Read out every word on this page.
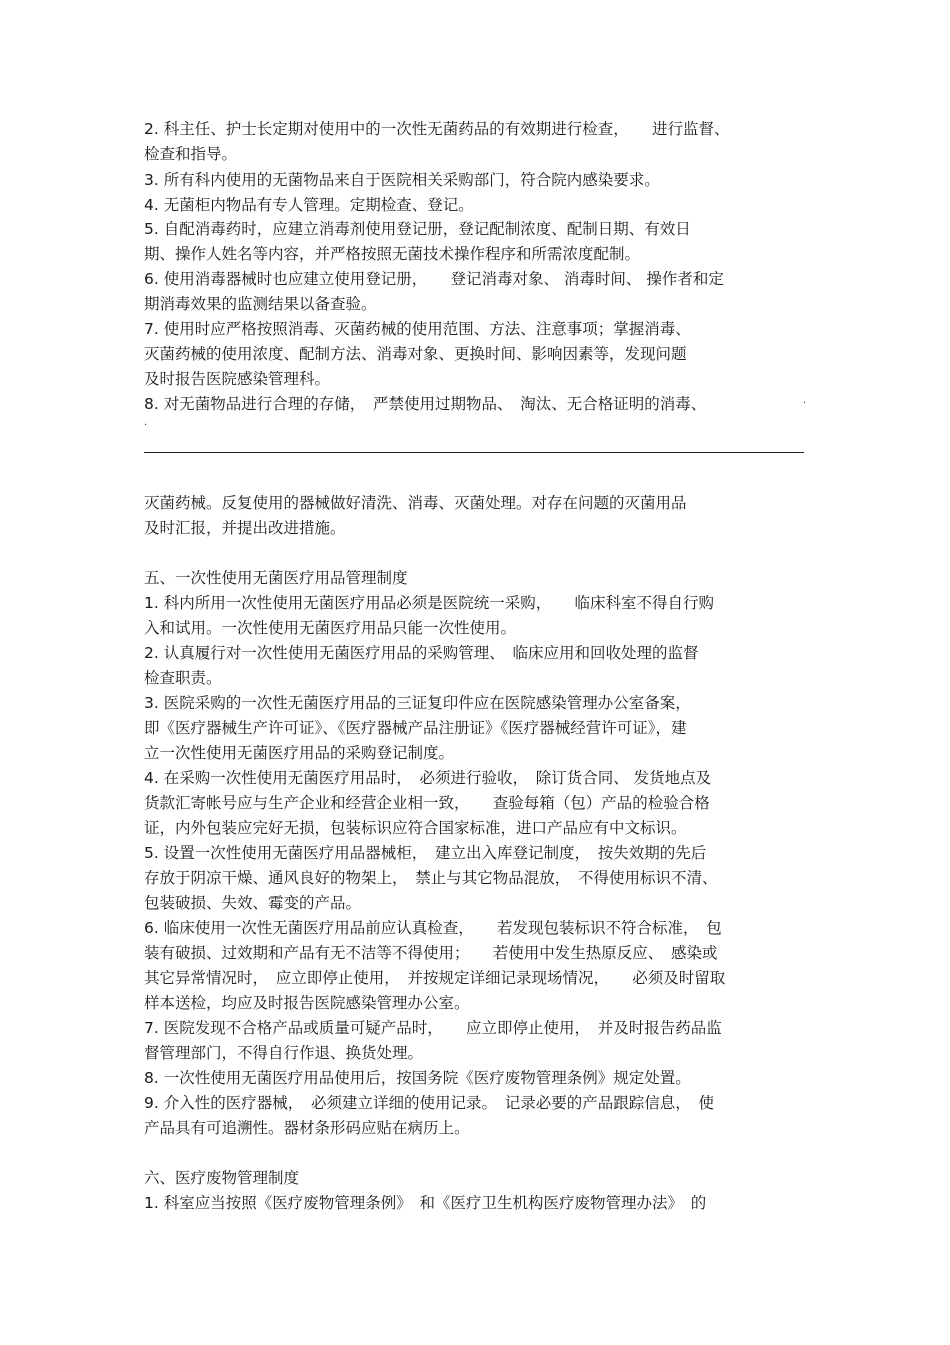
2. 科主任、护士长定期对使用中的一次性无菌药品的有效期进行检查，　　进行监督、
检查和指导。
3. 所有科内使用的无菌物品来自于医院相关采购部门，符合院内感染要求。
4. 无菌柜内物品有专人管理。定期检查、登记。
5. 自配消毒药时，应建立消毒剂使用登记册，登记配制浓度、配制日期、有效日
期、操作人姓名等内容，并严格按照无菌技术操作程序和所需浓度配制。
6. 使用消毒器械时也应建立使用登记册，　　登记消毒对象、 消毒时间、 操作者和定
期消毒效果的监测结果以备查验。
7. 使用时应严格按照消毒、灭菌药械的使用范围、方法、注意事项；掌握消毒、
灭菌药械的使用浓度、配制方法、消毒对象、更换时间、影响因素等，发现问题
及时报告医院感染管理科。
8. 对无菌物品进行合理的存储，　严禁使用过期物品、　淘汰、无合格证明的消毒、
·
·
灭菌药械。反复使用的器械做好清洗、消毒、灭菌处理。对存在问题的灭菌用品
及时汇报，并提出改进措施。
五、一次性使用无菌医疗用品管理制度
1. 科内所用一次性使用无菌医疗用品必须是医院统一采购，　　临床科室不得自行购
入和试用。一次性使用无菌医疗用品只能一次性使用。
2. 认真履行对一次性使用无菌医疗用品的采购管理、　临床应用和回收处理的监督
检查职责。
3. 医院采购的一次性无菌医疗用品的三证复印件应在医院感染管理办公室备案，
即《医疗器械生产许可证》、《医疗器械产品注册证》《医疗器械经营许可证》，建
立一次性使用无菌医疗用品的采购登记制度。
4. 在采购一次性使用无菌医疗用品时，　必须进行验收，　除订货合同、 发货地点及
货款汇寄帐号应与生产企业和经营企业相一致，　　查验每箱（包）产品的检验合格
证，内外包装应完好无损，包装标识应符合国家标准，进口产品应有中文标识。
5. 设置一次性使用无菌医疗用品器械柜，　建立出入库登记制度，　按失效期的先后
存放于阴凉干燥、通风良好的物架上，　禁止与其它物品混放，　不得使用标识不清、
包装破损、失效、霉变的产品。
6. 临床使用一次性无菌医疗用品前应认真检查，　　若发现包装标识不符合标准，　包
装有破损、过效期和产品有无不洁等不得使用；　　若使用中发生热原反应、　感染或
其它异常情况时，　应立即停止使用，　并按规定详细记录现场情况，　　必须及时留取
样本送检，均应及时报告医院感染管理办公室。
7. 医院发现不合格产品或质量可疑产品时，　　应立即停止使用，　并及时报告药品监
督管理部门，不得自行作退、换货处理。
8. 一次性使用无菌医疗用品使用后，按国务院《医疗废物管理条例》规定处置。
9. 介入性的医疗器械，　必须建立详细的使用记录。　记录必要的产品跟踪信息，　使
产品具有可追溯性。器材条形码应贴在病历上。
六、医疗废物管理制度
1. 科室应当按照《医疗废物管理条例》　和《医疗卫生机构医疗废物管理办法》　的
